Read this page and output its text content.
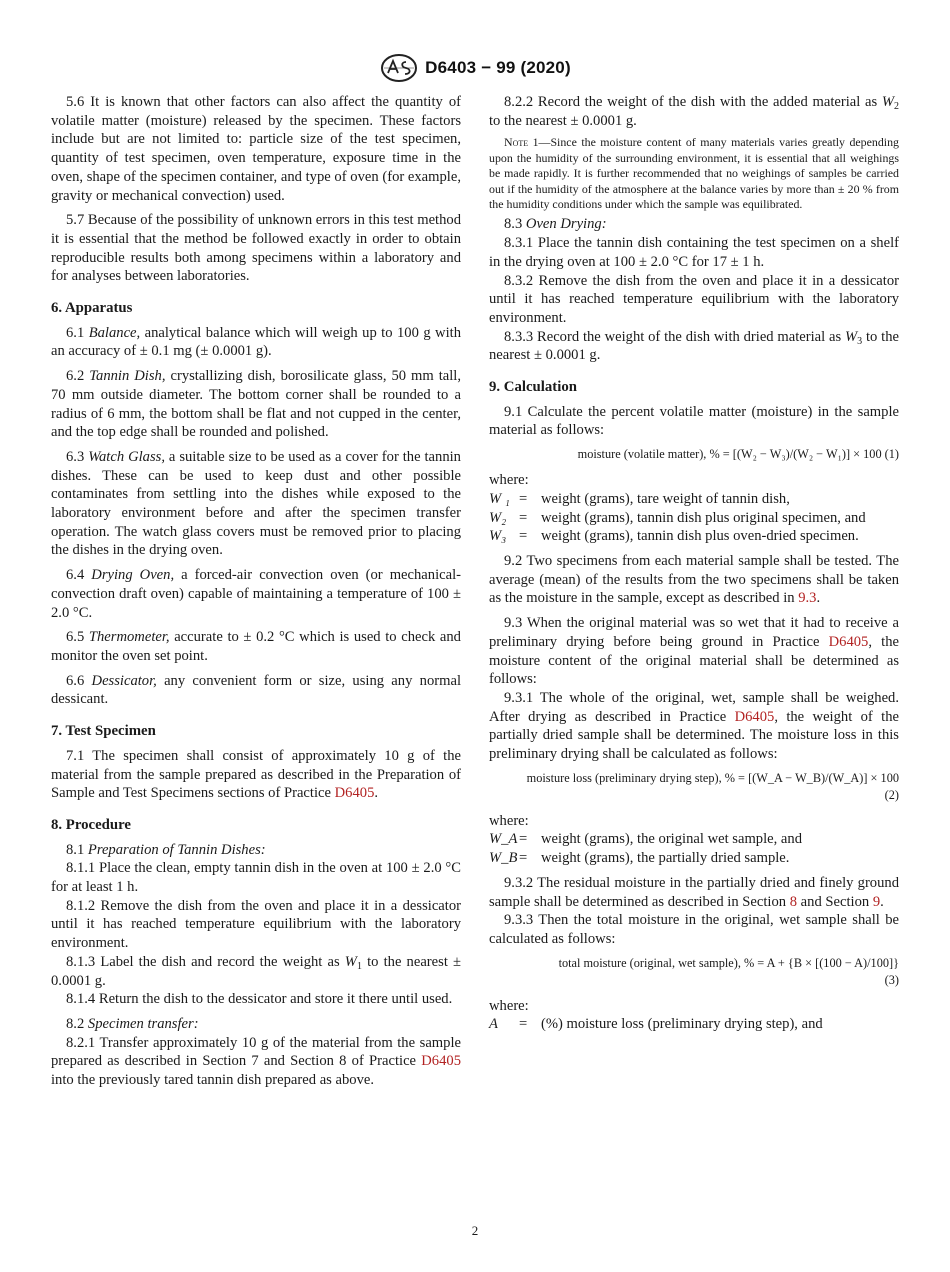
D6403 − 99 (2020)

5.6 It is known that other factors can also affect the quantity of volatile matter (moisture) released by the specimen. These factors include but are not limited to: particle size of the test specimen, quantity of test specimen, oven temperature, exposure time in the oven, shape of the specimen container, and type of oven (for example, gravity or mechanical convection) used.

5.7 Because of the possibility of unknown errors in this test method it is essential that the method be followed exactly in order to obtain reproducible results both among specimens within a laboratory and for analyses between laboratories.

6. Apparatus

6.1 Balance, analytical balance which will weigh up to 100 g with an accuracy of ± 0.1 mg (± 0.0001 g).

6.2 Tannin Dish, crystallizing dish, borosilicate glass, 50 mm tall, 70 mm outside diameter. The bottom corner shall be rounded to a radius of 6 mm, the bottom shall be flat and not cupped in the center, and the top edge shall be rounded and polished.

6.3 Watch Glass, a suitable size to be used as a cover for the tannin dishes. These can be used to keep dust and other possible contaminates from settling into the dishes while exposed to the laboratory environment before and after the specimen transfer operation. The watch glass covers must be removed prior to placing the dishes in the drying oven.

6.4 Drying Oven, a forced-air convection oven (or mechanical-convection draft oven) capable of maintaining a temperature of 100 ± 2.0 °C.

6.5 Thermometer, accurate to ± 0.2 °C which is used to check and monitor the oven set point.

6.6 Dessicator, any convenient form or size, using any normal dessicant.

7. Test Specimen

7.1 The specimen shall consist of approximately 10 g of the material from the sample prepared as described in the Preparation of Sample and Test Specimens sections of Practice D6405.

8. Procedure

8.1 Preparation of Tannin Dishes:

8.1.1 Place the clean, empty tannin dish in the oven at 100 ± 2.0 °C for at least 1 h.

8.1.2 Remove the dish from the oven and place it in a dessicator until it has reached temperature equilibrium with the laboratory environment.

8.1.3 Label the dish and record the weight as $W_1$ to the nearest ± 0.0001 g.

8.1.4 Return the dish to the dessicator and store it there until used.

8.2 Specimen transfer:

8.2.1 Transfer approximately 10 g of the material from the sample prepared as described in Section 7 and Section 8 of Practice D6405 into the previously tared tannin dish prepared as above.

8.2.2 Record the weight of the dish with the added material as $W_2$ to the nearest ± 0.0001 g.

Note 1—Since the moisture content of many materials varies greatly depending upon the humidity of the surrounding environment, it is essential that all weighings be made rapidly. It is further recommended that no weighings of samples be carried out if the humidity of the atmosphere at the balance varies by more than ± 20 % from the humidity conditions under which the sample was equilibrated.

8.3 Oven Drying:

8.3.1 Place the tannin dish containing the test specimen on a shelf in the drying oven at 100 ± 2.0 °C for 17 ± 1 h.

8.3.2 Remove the dish from the oven and place it in a dessicator until it has reached temperature equilibrium with the laboratory environment.

8.3.3 Record the weight of the dish with dried material as $W_3$ to the nearest ± 0.0001 g.

9. Calculation

9.1 Calculate the percent volatile matter (moisture) in the sample material as follows:

moisture (volatile matter), % = [(W₂ − W₃)/(W₂ − W₁)] × 100 (1)
where:
W ₁ = weight (grams), tare weight of tannin dish,
W₂ = weight (grams), tannin dish plus original specimen, and
W₃ = weight (grams), tannin dish plus oven-dried specimen.

9.2 Two specimens from each material sample shall be tested. The average (mean) of the results from the two specimens shall be taken as the moisture in the sample, except as described in 9.3.

9.3 When the original material was so wet that it had to receive a preliminary drying before being ground in Practice D6405, the moisture content of the original material shall be determined as follows:

9.3.1 The whole of the original, wet, sample shall be weighed. After drying as described in Practice D6405, the weight of the partially dried sample shall be determined. The moisture loss in this preliminary drying shall be calculated as follows:

moisture loss (preliminary drying step), % = [(W_A − W_B)/(W_A)] × 100
(2)
where:
W_A = weight (grams), the original wet sample, and
W_B = weight (grams), the partially dried sample.

9.3.2 The residual moisture in the partially dried and finely ground sample shall be determined as described in Section 8 and Section 9.

9.3.3 Then the total moisture in the original, wet sample shall be calculated as follows:

total moisture (original, wet sample), % = A + {B × [(100 − A)/100]}
(3)
where:
A	= (%) moisture loss (preliminary drying step), and
2
